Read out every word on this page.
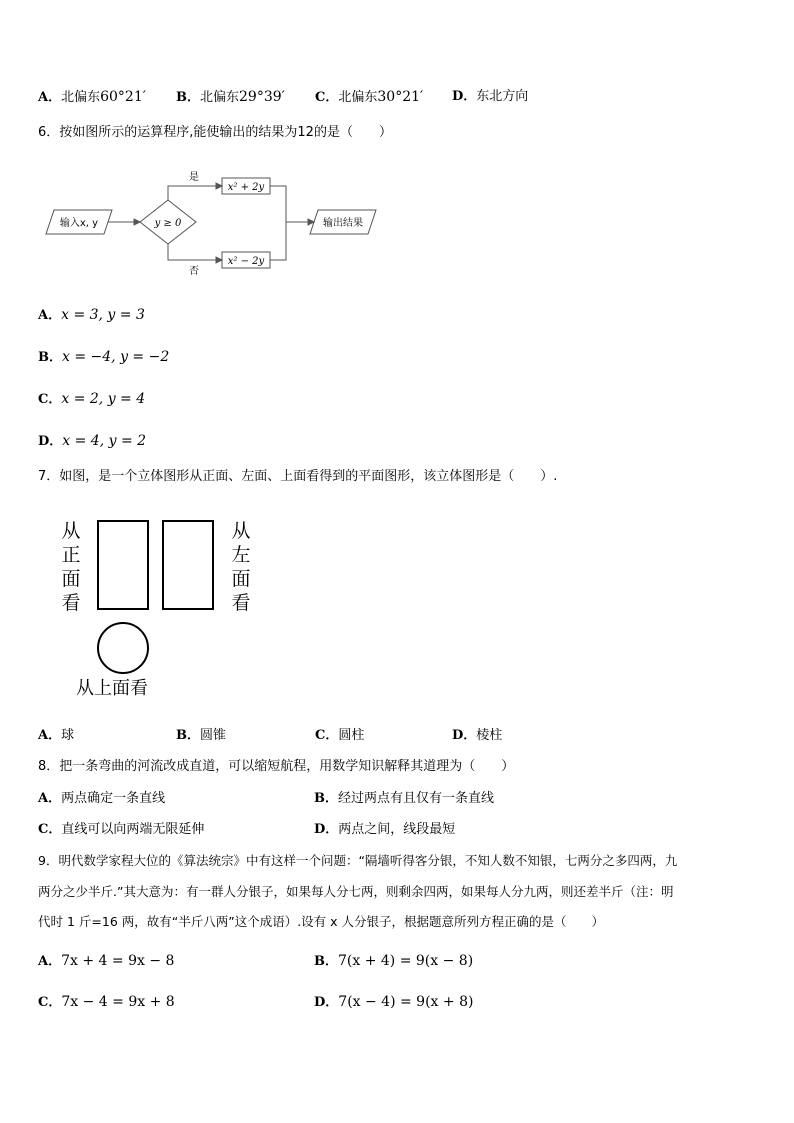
A．北偏东60°21′ B．北偏东29°39′ C．北偏东30°21′ D．东北方向
6．按如图所示的运算程序,能使输出的结果为12的是（　　）
输入x, y	y ≥ 0
是
否
x² + 2y
x² − 2y
输出结果
A．x = 3, y = 3
B．x = −4, y = −2
C．x = 2, y = 4
D．x = 4, y = 2
7．如图，是一个立体图形从正面、左面、上面看得到的平面图形，该立体图形是（　　）.
从正面看
从左面看
从上面看
A．球	B．圆锥	C．圆柱	D．棱柱
8．把一条弯曲的河流改成直道，可以缩短航程，用数学知识解释其道理为（　　）
A．两点确定一条直线	B．经过两点有且仅有一条直线
C．直线可以向两端无限延伸	D．两点之间，线段最短
9．明代数学家程大位的《算法统宗》中有这样一个问题：“隔墙听得客分银，不知人数不知银，七两分之多四两，九
两分之少半斤.”其大意为：有一群人分银子，如果每人分七两，则剩余四两，如果每人分九两，则还差半斤（注：明
代时 1 斤=16 两，故有“半斤八两”这个成语）.设有 x 人分银子，根据题意所列方程正确的是（　　）
A．7x + 4 = 9x − 8	B．7(x + 4) = 9(x − 8)
C．7x − 4 = 9x + 8	D．7(x − 4) = 9(x + 8)
